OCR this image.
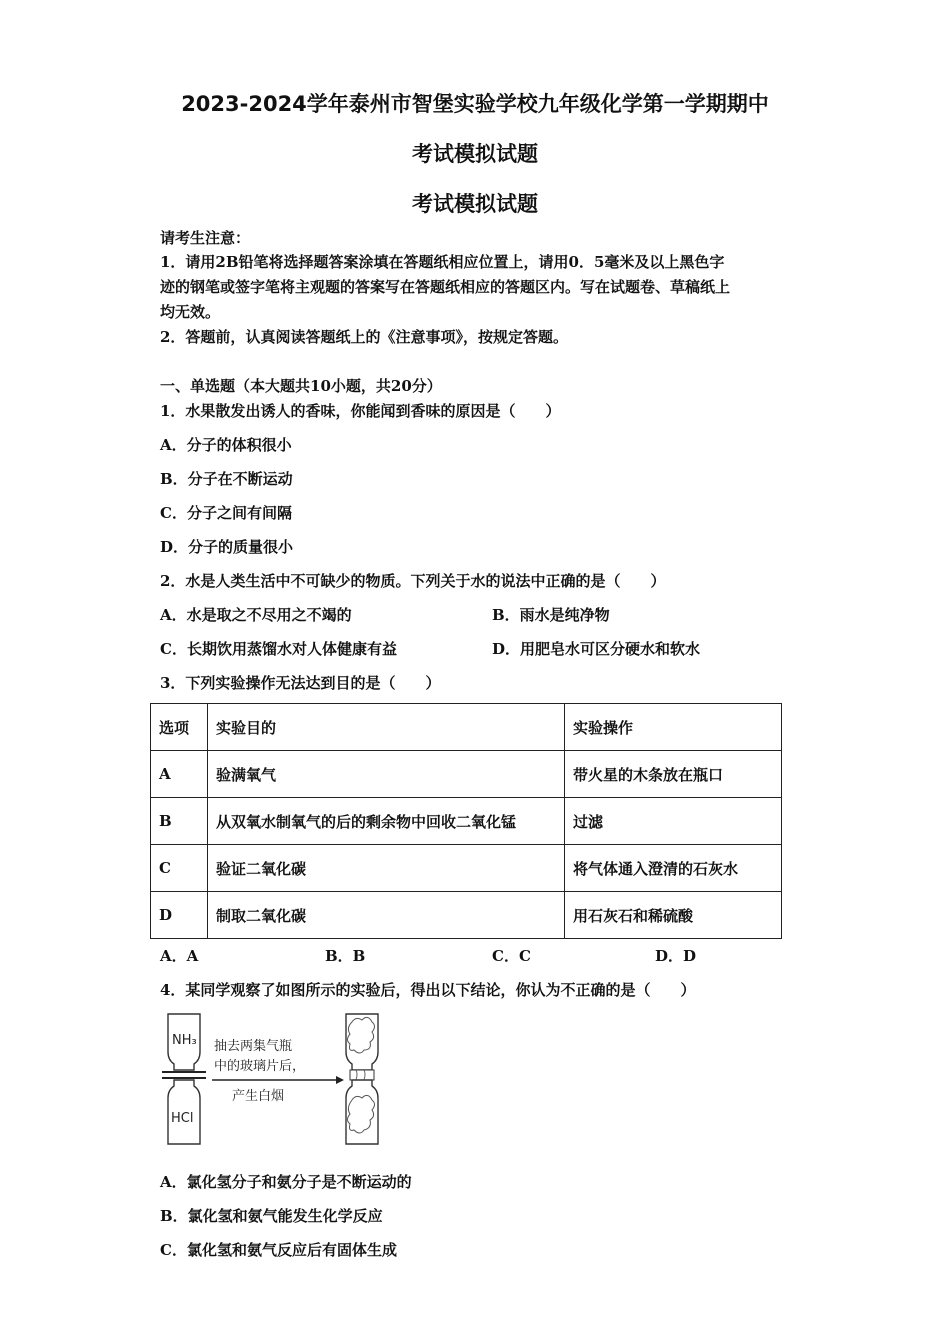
2023-2024学年泰州市智堡实验学校九年级化学第一学期期中
考试模拟试题
考试模拟试题
请考生注意：
1．请用2B铅笔将选择题答案涂填在答题纸相应位置上，请用0．5毫米及以上黑色字
迹的钢笔或签字笔将主观题的答案写在答题纸相应的答题区内。写在试题卷、草稿纸上
均无效。
2．答题前，认真阅读答题纸上的《注意事项》，按规定答题。
一、单选题（本大题共10小题，共20分）
1．水果散发出诱人的香味，你能闻到香味的原因是（　　）
A．分子的体积很小
B．分子在不断运动
C．分子之间有间隔
D．分子的质量很小
2．水是人类生活中不可缺少的物质。下列关于水的说法中正确的是（　　）
A．水是取之不尽用之不竭的	B．雨水是纯净物
C．长期饮用蒸馏水对人体健康有益	D．用肥皂水可区分硬水和软水
3．下列实验操作无法达到目的是（　　）
选项	实验目的	实验操作
A	验满氧气	带火星的木条放在瓶口
B	从双氧水制氧气的后的剩余物中回收二氧化锰	过滤
C	验证二氧化碳	将气体通入澄清的石灰水
D	制取二氧化碳	用石灰石和稀硫酸
A．A	B．B	C．C	D．D
4．某同学观察了如图所示的实验后，得出以下结论，你认为不正确的是（　　）
NH₃
HCl
抽去两集气瓶
中的玻璃片后，
产生白烟
A．氯化氢分子和氨分子是不断运动的
B．氯化氢和氨气能发生化学反应
C．氯化氢和氨气反应后有固体生成
